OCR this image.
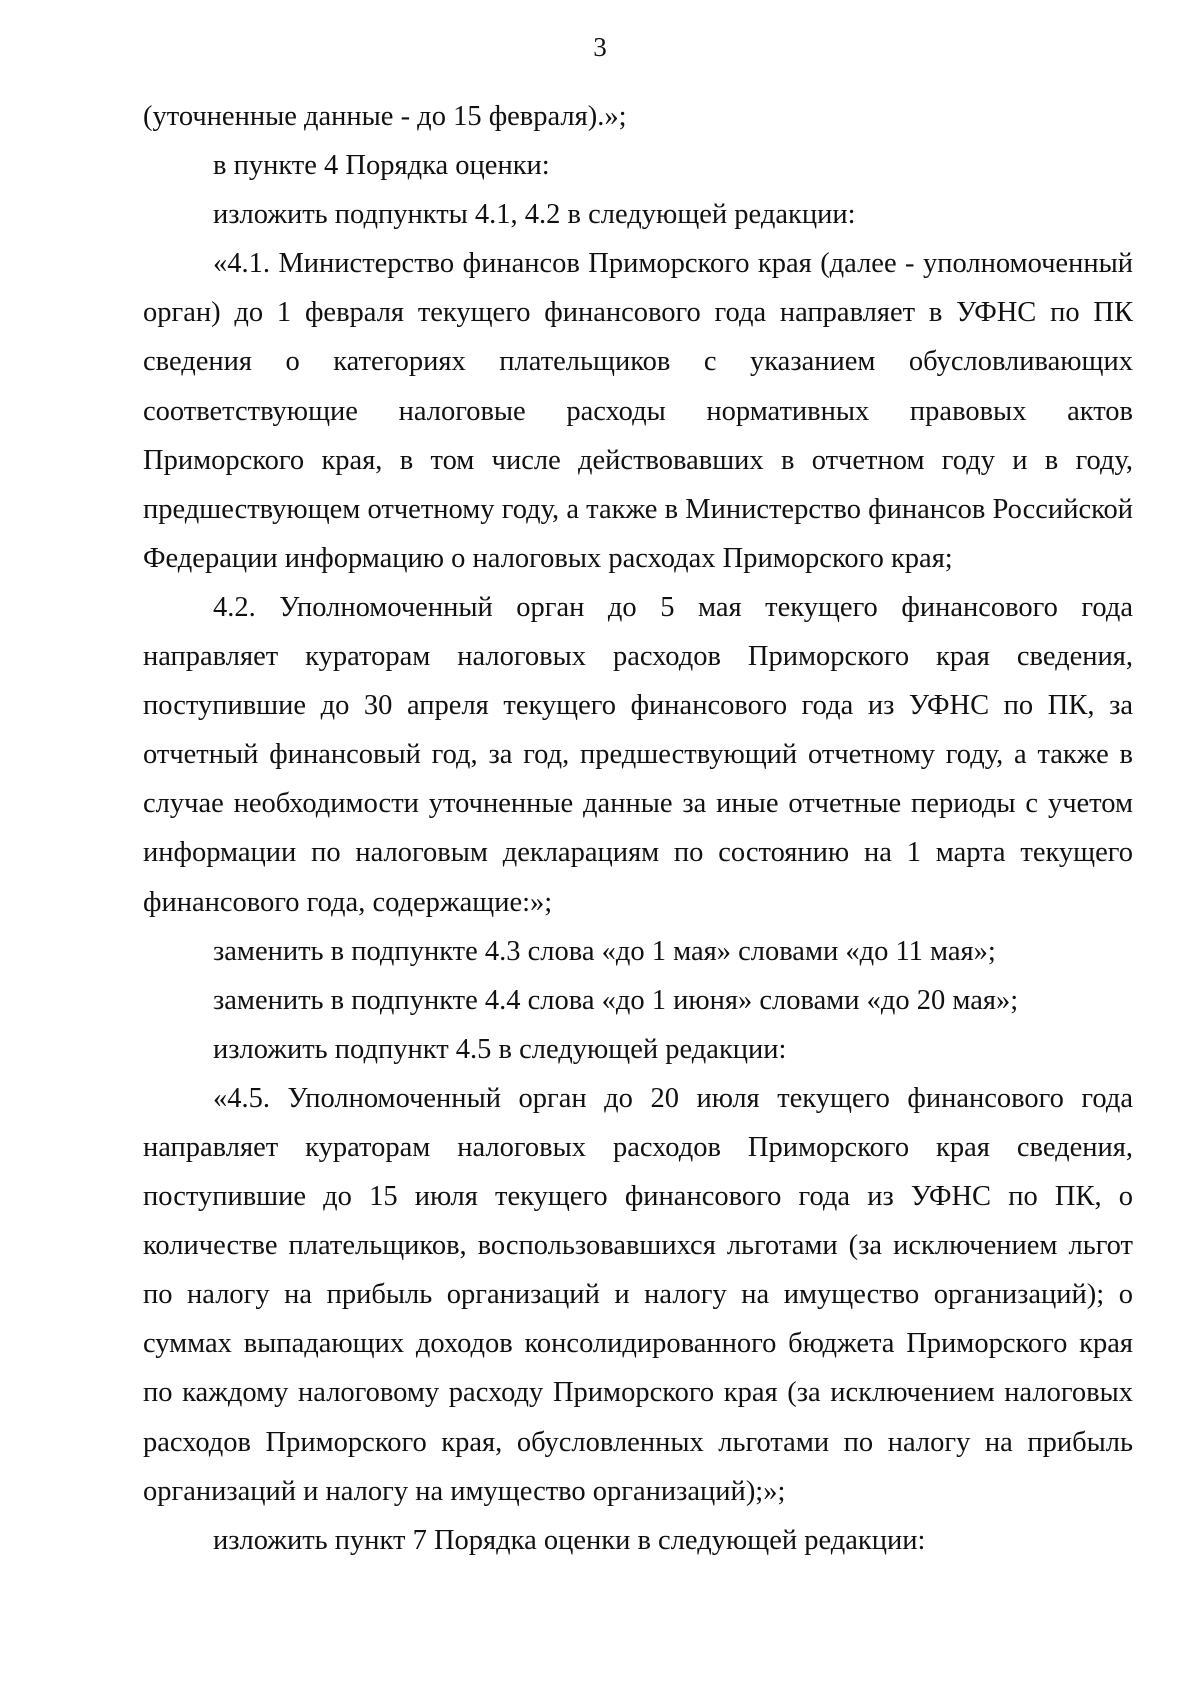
3

(уточненные данные - до 15 февраля).»;

в пункте 4 Порядка оценки:

изложить подпункты 4.1, 4.2 в следующей редакции:

«4.1. Министерство финансов Приморского края (далее - уполномоченный орган) до 1 февраля текущего финансового года направляет в УФНС по ПК сведения о категориях плательщиков с указанием обусловливающих соответствующие налоговые расходы нормативных правовых актов Приморского края, в том числе действовавших в отчетном году и в году, предшествующем отчетному году, а также в Министерство финансов Российской Федерации информацию о налоговых расходах Приморского края;

4.2. Уполномоченный орган до 5 мая текущего финансового года направляет кураторам налоговых расходов Приморского края сведения, поступившие до 30 апреля текущего финансового года из УФНС по ПК, за отчетный финансовый год, за год, предшествующий отчетному году, а также в случае необходимости уточненные данные за иные отчетные периоды с учетом информации по налоговым декларациям по состоянию на 1 марта текущего финансового года, содержащие:»;

заменить в подпункте 4.3 слова «до 1 мая» словами «до 11 мая»;

заменить в подпункте 4.4 слова «до 1 июня» словами «до 20 мая»;

изложить подпункт 4.5 в следующей редакции:

«4.5. Уполномоченный орган до 20 июля текущего финансового года направляет кураторам налоговых расходов Приморского края сведения, поступившие до 15 июля текущего финансового года из УФНС по ПК, о количестве плательщиков, воспользовавшихся льготами (за исключением льгот по налогу на прибыль организаций и налогу на имущество организаций); о суммах выпадающих доходов консолидированного бюджета Приморского края по каждому налоговому расходу Приморского края (за исключением налоговых расходов Приморского края, обусловленных льготами по налогу на прибыль организаций и налогу на имущество организаций);»;

изложить пункт 7 Порядка оценки в следующей редакции:
